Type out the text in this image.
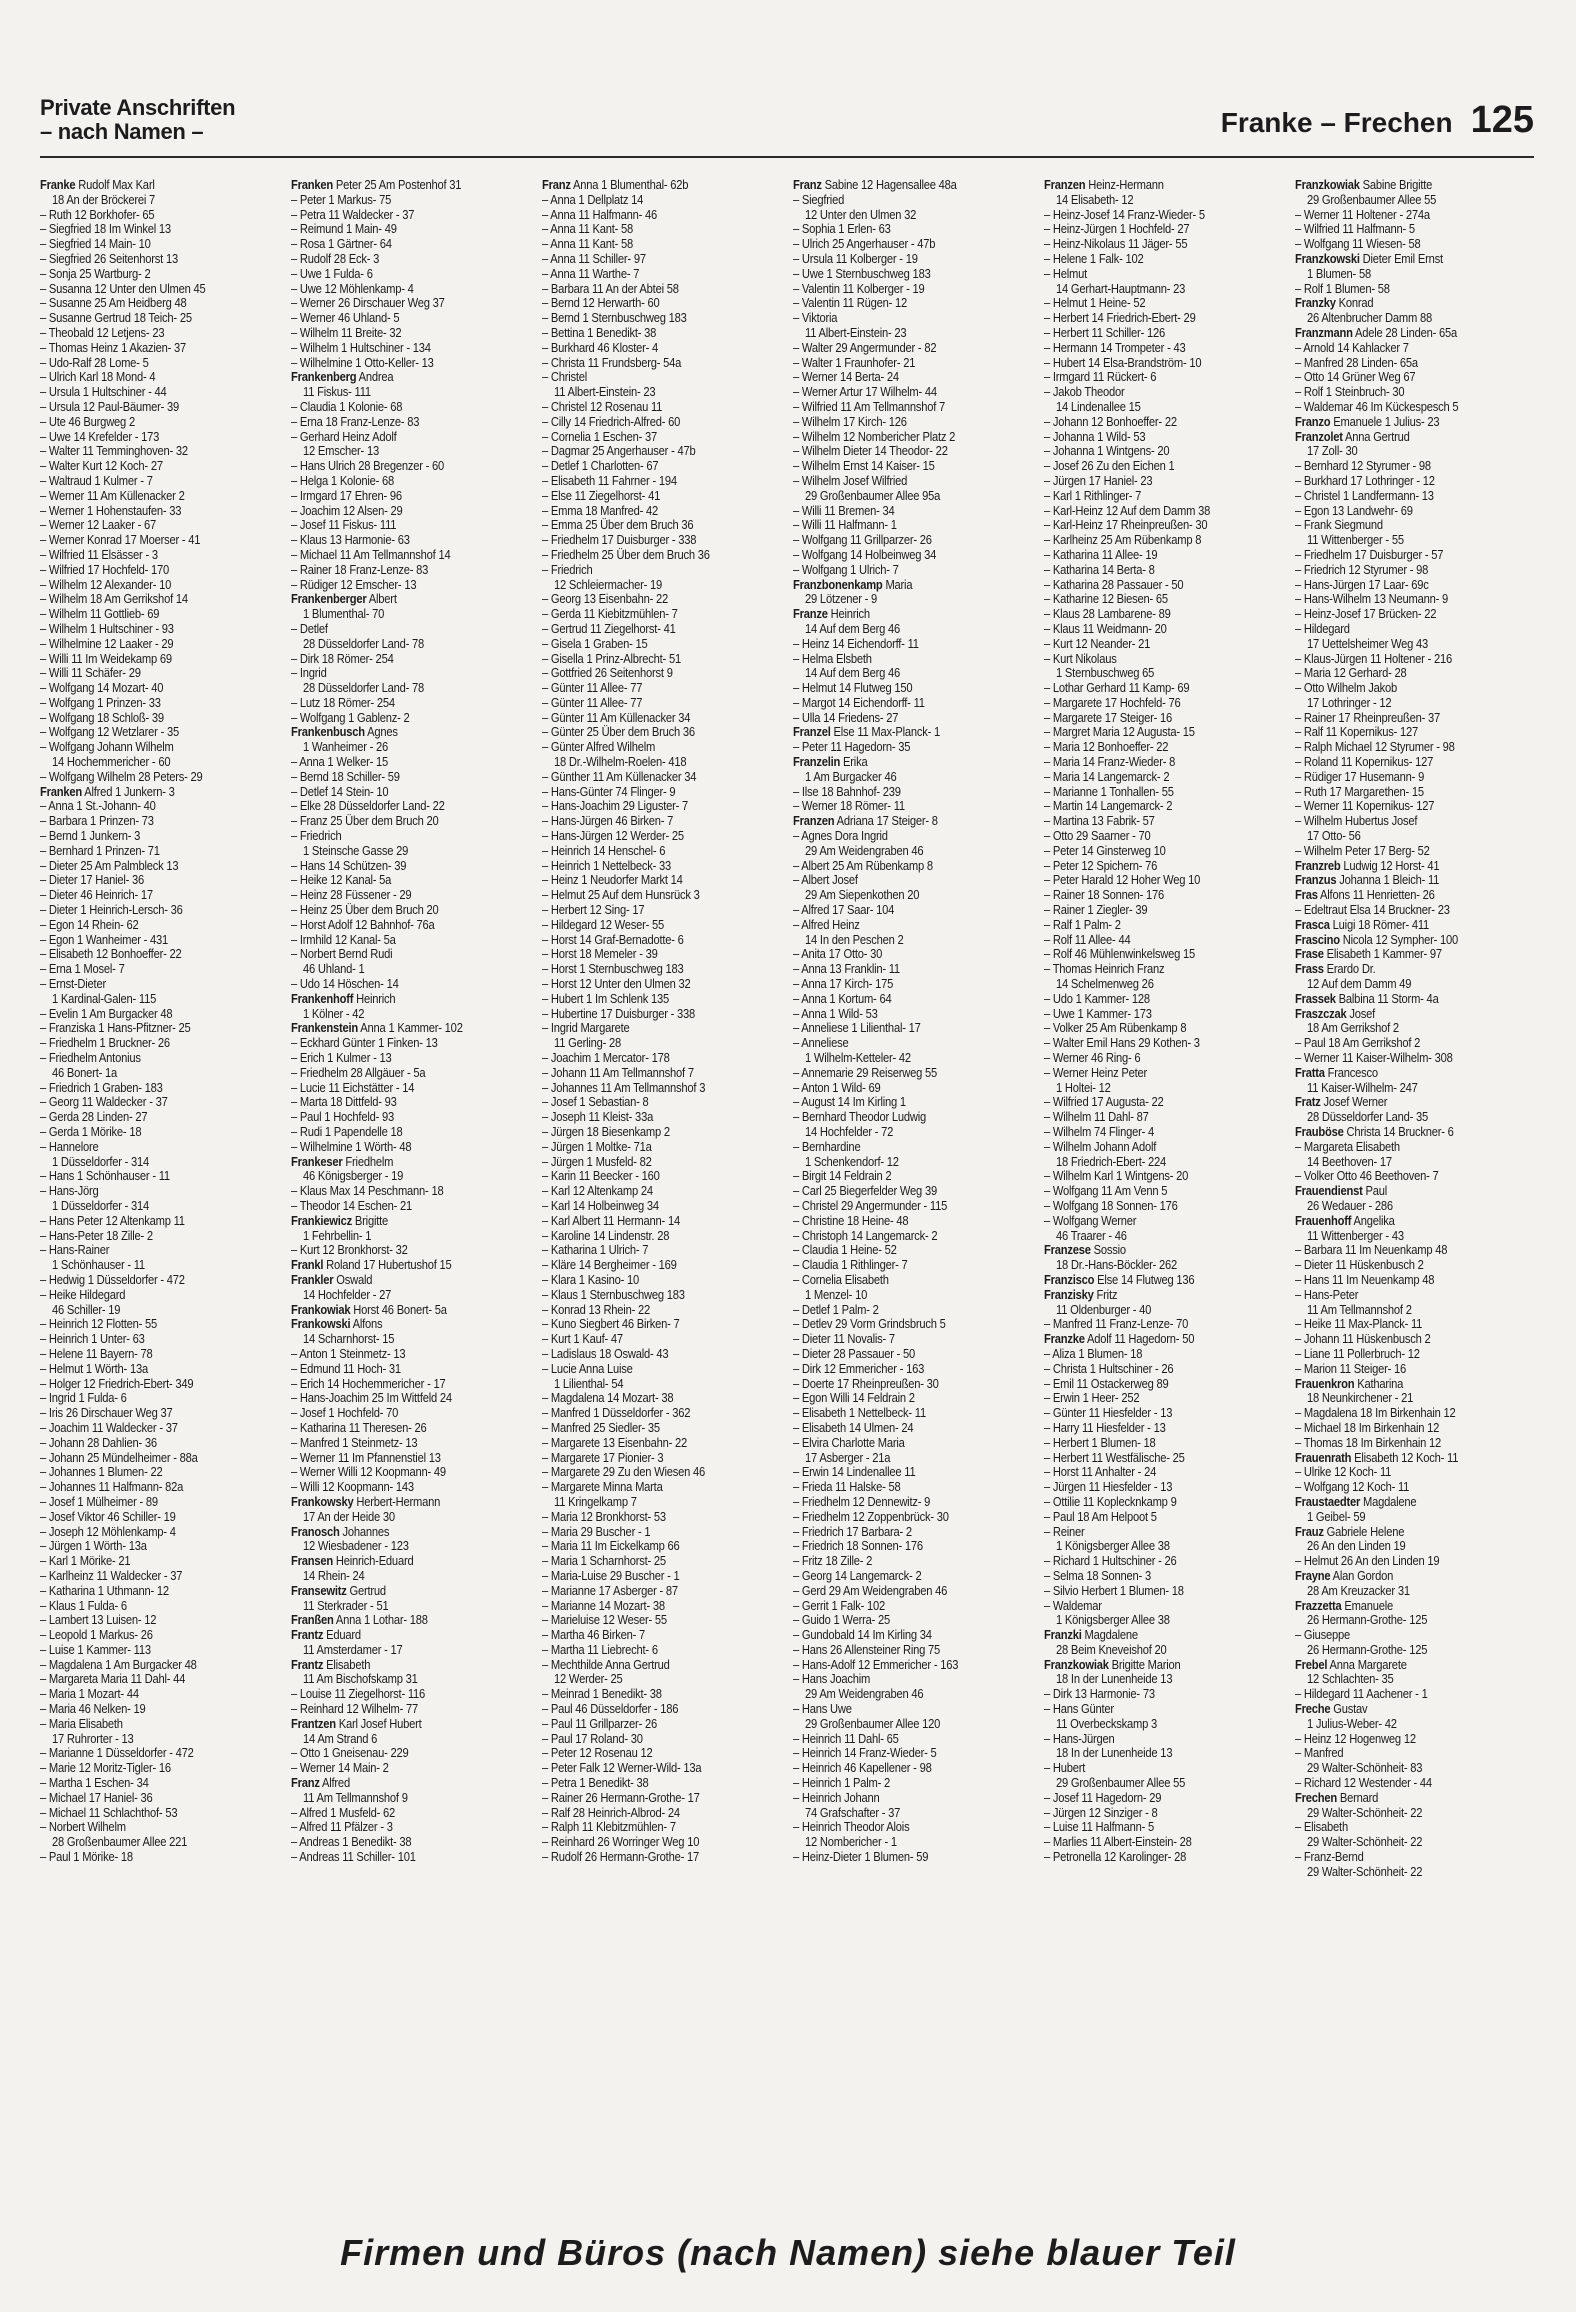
Private Anschriften
– nach Namen –	Franke – Frechen 125
Franke Rudolf Max Karl
18 An der Bröckerei 7
– Ruth 12 Borkhofer- 65
– Siegfried 18 Im Winkel 13
– Siegfried 14 Main- 10
– Siegfried 26 Seitenhorst 13
– Sonja 25 Wartburg- 2
– Susanna 12 Unter den Ulmen 45
– Susanne 25 Am Heidberg 48
– Susanne Gertrud 18 Teich- 25
– Theobald 12 Letjens- 23
– Thomas Heinz 1 Akazien- 37
– Udo-Ralf 28 Lome- 5
– Ulrich Karl 18 Mond- 4
– Ursula 1 Hultschiner - 44
– Ursula 12 Paul-Bäumer- 39
– Ute 46 Burgweg 2
– Uwe 14 Krefelder - 173
– Walter 11 Temminghoven- 32
– Walter Kurt 12 Koch- 27
– Waltraud 1 Kulmer - 7
– Werner 11 Am Küllenacker 2
– Werner 1 Hohenstaufen- 33
– Werner 12 Laaker - 67
– Werner Konrad 17 Moerser - 41
– Wilfried 11 Elsässer - 3
– Wilfried 17 Hochfeld- 170
– Wilhelm 12 Alexander- 10
– Wilhelm 18 Am Gerrikshof 14
– Wilhelm 11 Gottlieb- 69
– Wilhelm 1 Hultschiner - 93
– Wilhelmine 12 Laaker - 29
– Willi 11 Im Weidekamp 69
– Willi 11 Schäfer- 29
– Wolfgang 14 Mozart- 40
– Wolfgang 1 Prinzen- 33
– Wolfgang 18 Schloß- 39
– Wolfgang 12 Wetzlarer - 35
– Wolfgang Johann Wilhelm
14 Hochemmericher - 60
– Wolfgang Wilhelm 28 Peters- 29
Franken Alfred 1 Junkern- 3
– Anna 1 St.-Johann- 40
– Barbara 1 Prinzen- 73
– Bernd 1 Junkern- 3
– Bernhard 1 Prinzen- 71
– Dieter 25 Am Palmbleck 13
– Dieter 17 Haniel- 36
– Dieter 46 Heinrich- 17
– Dieter 1 Heinrich-Lersch- 36
– Egon 14 Rhein- 62
– Egon 1 Wanheimer - 431
– Elisabeth 12 Bonhoeffer- 22
– Erna 1 Mosel- 7
– Ernst-Dieter
1 Kardinal-Galen- 115
– Evelin 1 Am Burgacker 48
– Franziska 1 Hans-Pfitzner- 25
– Friedhelm 1 Bruckner- 26
– Friedhelm Antonius
46 Bonert- 1a
– Friedrich 1 Graben- 183
– Georg 11 Waldecker - 37
– Gerda 28 Linden- 27
– Gerda 1 Mörike- 18
– Hannelore
1 Düsseldorfer - 314
– Hans 1 Schönhauser - 11
– Hans-Jörg
1 Düsseldorfer - 314
– Hans Peter 12 Altenkamp 11
– Hans-Peter 18 Zille- 2
– Hans-Rainer
1 Schönhauser - 11
– Hedwig 1 Düsseldorfer - 472
– Heike Hildegard
46 Schiller- 19
– Heinrich 12 Flotten- 55
– Heinrich 1 Unter- 63
– Helene 11 Bayern- 78
– Helmut 1 Wörth- 13a
– Holger 12 Friedrich-Ebert- 349
– Ingrid 1 Fulda- 6
– Iris 26 Dirschauer Weg 37
– Joachim 11 Waldecker - 37
– Johann 28 Dahlien- 36
– Johann 25 Mündelheimer - 88a
– Johannes 1 Blumen- 22
– Johannes 11 Halfmann- 82a
– Josef 1 Mülheimer - 89
– Josef Viktor 46 Schiller- 19
– Joseph 12 Möhlenkamp- 4
– Jürgen 1 Wörth- 13a
– Karl 1 Mörike- 21
– Karlheinz 11 Waldecker - 37
– Katharina 1 Uthmann- 12
– Klaus 1 Fulda- 6
– Lambert 13 Luisen- 12
– Leopold 1 Markus- 26
– Luise 1 Kammer- 113
– Magdalena 1 Am Burgacker 48
– Margareta Maria 11 Dahl- 44
– Maria 1 Mozart- 44
– Maria 46 Nelken- 19
– Maria Elisabeth
17 Ruhrorter - 13
– Marianne 1 Düsseldorfer - 472
– Marie 12 Moritz-Tigler- 16
– Martha 1 Eschen- 34
– Michael 17 Haniel- 36
– Michael 11 Schlachthof- 53
– Norbert Wilhelm
28 Großenbaumer Allee 221
– Paul 1 Mörike- 18
Franken Peter 25 Am Postenhof 31
– Peter 1 Markus- 75
– Petra 11 Waldecker - 37
– Reimund 1 Main- 49
– Rosa 1 Gärtner- 64
– Rudolf 28 Eck- 3
– Uwe 1 Fulda- 6
– Uwe 12 Möhlenkamp- 4
– Werner 26 Dirschauer Weg 37
– Werner 46 Uhland- 5
– Wilhelm 11 Breite- 32
– Wilhelm 1 Hultschiner - 134
– Wilhelmine 1 Otto-Keller- 13
Frankenberg Andrea
11 Fiskus- 111
– Claudia 1 Kolonie- 68
– Erna 18 Franz-Lenze- 83
– Gerhard Heinz Adolf
12 Emscher- 13
– Hans Ulrich 28 Bregenzer - 60
– Helga 1 Kolonie- 68
– Irmgard 17 Ehren- 96
– Joachim 12 Alsen- 29
– Josef 11 Fiskus- 111
– Klaus 13 Harmonie- 63
– Michael 11 Am Tellmannshof 14
– Rainer 18 Franz-Lenze- 83
– Rüdiger 12 Emscher- 13
Frankenberger Albert
1 Blumenthal- 70
– Detlef
28 Düsseldorfer Land- 78
– Dirk 18 Römer- 254
– Ingrid
28 Düsseldorfer Land- 78
– Lutz 18 Römer- 254
– Wolfgang 1 Gablenz- 2
Frankenbusch Agnes
1 Wanheimer - 26
– Anna 1 Welker- 15
– Bernd 18 Schiller- 59
– Detlef 14 Stein- 10
– Elke 28 Düsseldorfer Land- 22
– Franz 25 Über dem Bruch 20
– Friedrich
1 Steinsche Gasse 29
– Hans 14 Schützen- 39
– Heike 12 Kanal- 5a
– Heinz 28 Füssener - 29
– Heinz 25 Über dem Bruch 20
– Horst Adolf 12 Bahnhof- 76a
– Irmhild 12 Kanal- 5a
– Norbert Bernd Rudi
46 Uhland- 1
– Udo 14 Höschen- 14
Frankenhoff Heinrich
1 Kölner - 42
Frankenstein Anna 1 Kammer- 102
– Eckhard Günter 1 Finken- 13
– Erich 1 Kulmer - 13
– Friedhelm 28 Allgäuer - 5a
– Lucie 11 Eichstätter - 14
– Marta 18 Dittfeld- 93
– Paul 1 Hochfeld- 93
– Rudi 1 Papendelle 18
– Wilhelmine 1 Wörth- 48
Frankeser Friedhelm
46 Königsberger - 19
– Klaus Max 14 Peschmann- 18
– Theodor 14 Eschen- 21
Frankiewicz Brigitte
1 Fehrbellin- 1
– Kurt 12 Bronkhorst- 32
Frankl Roland 17 Hubertushof 15
Frankler Oswald
14 Hochfelder - 27
Frankowiak Horst 46 Bonert- 5a
Frankowski Alfons
14 Scharnhorst- 15
– Anton 1 Steinmetz- 13
– Edmund 11 Hoch- 31
– Erich 14 Hochemmericher - 17
– Hans-Joachim 25 Im Wittfeld 24
– Josef 1 Hochfeld- 70
– Katharina 11 Theresen- 26
– Manfred 1 Steinmetz- 13
– Werner 11 Im Pfannenstiel 13
– Werner Willi 12 Koopmann- 49
– Willi 12 Koopmann- 143
Frankowsky Herbert-Hermann
17 An der Heide 30
Franosch Johannes
12 Wiesbadener - 123
Fransen Heinrich-Eduard
14 Rhein- 24
Fransewitz Gertrud
11 Sterkrader - 51
Franßen Anna 1 Lothar- 188
Frantz Eduard
11 Amsterdamer - 17
Frantz Elisabeth
11 Am Bischofskamp 31
– Louise 11 Ziegelhorst- 116
– Reinhard 12 Wilhelm- 77
Frantzen Karl Josef Hubert
14 Am Strand 6
– Otto 1 Gneisenau- 229
– Werner 14 Main- 2
Franz Alfred
11 Am Tellmannshof 9
– Alfred 1 Musfeld- 62
– Alfred 11 Pfälzer - 3
– Andreas 1 Benedikt- 38
– Andreas 11 Schiller- 101
Franz Anna 1 Blumenthal- 62b
– Anna 1 Dellplatz 14
– Anna 11 Halfmann- 46
– Anna 11 Kant- 58
– Anna 11 Kant- 58
– Anna 11 Schiller- 97
– Anna 11 Warthe- 7
– Barbara 11 An der Abtei 58
– Bernd 12 Herwarth- 60
– Bernd 1 Sternbuschweg 183
– Bettina 1 Benedikt- 38
– Burkhard 46 Kloster- 4
– Christa 11 Frundsberg- 54a
– Christel
11 Albert-Einstein- 23
– Christel 12 Rosenau 11
– Cilly 14 Friedrich-Alfred- 60
– Cornelia 1 Eschen- 37
– Dagmar 25 Angerhauser - 47b
– Detlef 1 Charlotten- 67
– Elisabeth 11 Fahrner - 194
– Else 11 Ziegelhorst- 41
– Emma 18 Manfred- 42
– Emma 25 Über dem Bruch 36
– Friedhelm 17 Duisburger - 338
– Friedhelm 25 Über dem Bruch 36
– Friedrich
12 Schleiermacher- 19
– Georg 13 Eisenbahn- 22
– Gerda 11 Kiebitzmühlen- 7
– Gertrud 11 Ziegelhorst- 41
– Gisela 1 Graben- 15
– Gisella 1 Prinz-Albrecht- 51
– Gottfried 26 Seitenhorst 9
– Günter 11 Allee- 77
– Günter 11 Allee- 77
– Günter 11 Am Küllenacker 34
– Günter 25 Über dem Bruch 36
– Günter Alfred Wilhelm
18 Dr.-Wilhelm-Roelen- 418
– Günther 11 Am Küllenacker 34
– Hans-Günter 74 Flinger- 9
– Hans-Joachim 29 Liguster- 7
– Hans-Jürgen 46 Birken- 7
– Hans-Jürgen 12 Werder- 25
– Heinrich 14 Henschel- 6
– Heinrich 1 Nettelbeck- 33
– Heinz 1 Neudorfer Markt 14
– Helmut 25 Auf dem Hunsrück 3
– Herbert 12 Sing- 17
– Hildegard 12 Weser- 55
– Horst 14 Graf-Bernadotte- 6
– Horst 18 Memeler - 39
– Horst 1 Sternbuschweg 183
– Horst 12 Unter den Ulmen 32
– Hubert 1 Im Schlenk 135
– Hubertine 17 Duisburger - 338
– Ingrid Margarete
11 Gerling- 28
– Joachim 1 Mercator- 178
– Johann 11 Am Tellmannshof 7
– Johannes 11 Am Tellmannshof 3
– Josef 1 Sebastian- 8
– Joseph 11 Kleist- 33a
– Jürgen 18 Biesenkamp 2
– Jürgen 1 Moltke- 71a
– Jürgen 1 Musfeld- 82
– Karin 11 Beecker - 160
– Karl 12 Altenkamp 24
– Karl 14 Holbeinweg 34
– Karl Albert 11 Hermann- 14
– Karoline 14 Lindenstr. 28
– Katharina 1 Ulrich- 7
– Kläre 14 Bergheimer - 169
– Klara 1 Kasino- 10
– Klaus 1 Sternbuschweg 183
– Konrad 13 Rhein- 22
– Kuno Siegbert 46 Birken- 7
– Kurt 1 Kauf- 47
– Ladislaus 18 Oswald- 43
– Lucie Anna Luise
1 Lilienthal- 54
– Magdalena 14 Mozart- 38
– Manfred 1 Düsseldorfer - 362
– Manfred 25 Siedler- 35
– Margarete 13 Eisenbahn- 22
– Margarete 17 Pionier- 3
– Margarete 29 Zu den Wiesen 46
– Margarete Minna Marta
11 Kringelkamp 7
– Maria 12 Bronkhorst- 53
– Maria 29 Buscher - 1
– Maria 11 Im Eickelkamp 66
– Maria 1 Scharnhorst- 25
– Maria-Luise 29 Buscher - 1
– Marianne 17 Asberger - 87
– Marianne 14 Mozart- 38
– Marieluise 12 Weser- 55
– Martha 46 Birken- 7
– Martha 11 Liebrecht- 6
– Mechthilde Anna Gertrud
12 Werder- 25
– Meinrad 1 Benedikt- 38
– Paul 46 Düsseldorfer - 186
– Paul 11 Grillparzer- 26
– Paul 17 Roland- 30
– Peter 12 Rosenau 12
– Peter Falk 12 Werner-Wild- 13a
– Petra 1 Benedikt- 38
– Rainer 26 Hermann-Grothe- 17
– Ralf 28 Heinrich-Albrod- 24
– Ralph 11 Klebitzmühlen- 7
– Reinhard 26 Worringer Weg 10
– Rudolf 26 Hermann-Grothe- 17
Franz Sabine 12 Hagensallee 48a
– Siegfried
12 Unter den Ulmen 32
– Sophia 1 Erlen- 63
– Ulrich 25 Angerhauser - 47b
– Ursula 11 Kolberger - 19
– Uwe 1 Sternbuschweg 183
– Valentin 11 Kolberger - 19
– Valentin 11 Rügen- 12
– Viktoria
11 Albert-Einstein- 23
– Walter 29 Angermunder - 82
– Walter 1 Fraunhofer- 21
– Werner 14 Berta- 24
– Werner Artur 17 Wilhelm- 44
– Wilfried 11 Am Tellmannshof 7
– Wilhelm 17 Kirch- 126
– Wilhelm 12 Nombericher Platz 2
– Wilhelm Dieter 14 Theodor- 22
– Wilhelm Ernst 14 Kaiser- 15
– Wilhelm Josef Wilfried
29 Großenbaumer Allee 95a
– Willi 11 Bremen- 34
– Willi 11 Halfmann- 1
– Wolfgang 11 Grillparzer- 26
– Wolfgang 14 Holbeinweg 34
– Wolfgang 1 Ulrich- 7
Franzbonenkamp Maria
29 Lötzener - 9
Franze Heinrich
14 Auf dem Berg 46
– Heinz 14 Eichendorff- 11
– Helma Elsbeth
14 Auf dem Berg 46
– Helmut 14 Flutweg 150
– Margot 14 Eichendorff- 11
– Ulla 14 Friedens- 27
Franzel Else 11 Max-Planck- 1
– Peter 11 Hagedorn- 35
Franzelin Erika
1 Am Burgacker 46
– Ilse 18 Bahnhof- 239
– Werner 18 Römer- 11
Franzen Adriana 17 Steiger- 8
– Agnes Dora Ingrid
29 Am Weidengraben 46
– Albert 25 Am Rübenkamp 8
– Albert Josef
29 Am Siepenkothen 20
– Alfred 17 Saar- 104
– Alfred Heinz
14 In den Peschen 2
– Anita 17 Otto- 30
– Anna 13 Franklin- 11
– Anna 17 Kirch- 175
– Anna 1 Kortum- 64
– Anna 1 Wild- 53
– Anneliese 1 Lilienthal- 17
– Anneliese
1 Wilhelm-Ketteler- 42
– Annemarie 29 Reiserweg 55
– Anton 1 Wild- 69
– August 14 Im Kirling 1
– Bernhard Theodor Ludwig
14 Hochfelder - 72
– Bernhardine
1 Schenkendorf- 12
– Birgit 14 Feldrain 2
– Carl 25 Biegerfelder Weg 39
– Christel 29 Angermunder - 115
– Christine 18 Heine- 48
– Christoph 14 Langemarck- 2
– Claudia 1 Heine- 52
– Claudia 1 Rithlinger- 7
– Cornelia Elisabeth
1 Menzel- 10
– Detlef 1 Palm- 2
– Detlev 29 Vorm Grindsbruch 5
– Dieter 11 Novalis- 7
– Dieter 28 Passauer - 50
– Dirk 12 Emmericher - 163
– Doerte 17 Rheinpreußen- 30
– Egon Willi 14 Feldrain 2
– Elisabeth 1 Nettelbeck- 11
– Elisabeth 14 Ulmen- 24
– Elvira Charlotte Maria
17 Asberger - 21a
– Erwin 14 Lindenallee 11
– Frieda 11 Halske- 58
– Friedhelm 12 Dennewitz- 9
– Friedhelm 12 Zoppenbrück- 30
– Friedrich 17 Barbara- 2
– Friedrich 18 Sonnen- 176
– Fritz 18 Zille- 2
– Georg 14 Langemarck- 2
– Gerd 29 Am Weidengraben 46
– Gerrit 1 Falk- 102
– Guido 1 Werra- 25
– Gundobald 14 Im Kirling 34
– Hans 26 Allensteiner Ring 75
– Hans-Adolf 12 Emmericher - 163
– Hans Joachim
29 Am Weidengraben 46
– Hans Uwe
29 Großenbaumer Allee 120
– Heinrich 11 Dahl- 65
– Heinrich 14 Franz-Wieder- 5
– Heinrich 46 Kapellener - 98
– Heinrich 1 Palm- 2
– Heinrich Johann
74 Grafschafter - 37
– Heinrich Theodor Alois
12 Nombericher - 1
– Heinz-Dieter 1 Blumen- 59
Franzen Heinz-Hermann
14 Elisabeth- 12
– Heinz-Josef 14 Franz-Wieder- 5
– Heinz-Jürgen 1 Hochfeld- 27
– Heinz-Nikolaus 11 Jäger- 55
– Helene 1 Falk- 102
– Helmut
14 Gerhart-Hauptmann- 23
– Helmut 1 Heine- 52
– Herbert 14 Friedrich-Ebert- 29
– Herbert 11 Schiller- 126
– Hermann 14 Trompeter - 43
– Hubert 14 Elsa-Brandström- 10
– Irmgard 11 Rückert- 6
– Jakob Theodor
14 Lindenallee 15
– Johann 12 Bonhoeffer- 22
– Johanna 1 Wild- 53
– Johanna 1 Wintgens- 20
– Josef 26 Zu den Eichen 1
– Jürgen 17 Haniel- 23
– Karl 1 Rithlinger- 7
– Karl-Heinz 12 Auf dem Damm 38
– Karl-Heinz 17 Rheinpreußen- 30
– Karlheinz 25 Am Rübenkamp 8
– Katharina 11 Allee- 19
– Katharina 14 Berta- 8
– Katharina 28 Passauer - 50
– Katharine 12 Biesen- 65
– Klaus 28 Lambarene- 89
– Klaus 11 Weidmann- 20
– Kurt 12 Neander- 21
– Kurt Nikolaus
1 Sternbuschweg 65
– Lothar Gerhard 11 Kamp- 69
– Margarete 17 Hochfeld- 76
– Margarete 17 Steiger- 16
– Margret Maria 12 Augusta- 15
– Maria 12 Bonhoeffer- 22
– Maria 14 Franz-Wieder- 8
– Maria 14 Langemarck- 2
– Marianne 1 Tonhallen- 55
– Martin 14 Langemarck- 2
– Martina 13 Fabrik- 57
– Otto 29 Saarner - 70
– Peter 14 Ginsterweg 10
– Peter 12 Spichern- 76
– Peter Harald 12 Hoher Weg 10
– Rainer 18 Sonnen- 176
– Rainer 1 Ziegler- 39
– Ralf 1 Palm- 2
– Rolf 11 Allee- 44
– Rolf 46 Mühlenwinkelsweg 15
– Thomas Heinrich Franz
14 Schelmenweg 26
– Udo 1 Kammer- 128
– Uwe 1 Kammer- 173
– Volker 25 Am Rübenkamp 8
– Walter Emil Hans 29 Kothen- 3
– Werner 46 Ring- 6
– Werner Heinz Peter
1 Holtei- 12
– Wilfried 17 Augusta- 22
– Wilhelm 11 Dahl- 87
– Wilhelm 74 Flinger- 4
– Wilhelm Johann Adolf
18 Friedrich-Ebert- 224
– Wilhelm Karl 1 Wintgens- 20
– Wolfgang 11 Am Venn 5
– Wolfgang 18 Sonnen- 176
– Wolfgang Werner
46 Traarer - 46
Franzese Sossio
18 Dr.-Hans-Böckler- 262
Franzisco Else 14 Flutweg 136
Franzisky Fritz
11 Oldenburger - 40
– Manfred 11 Franz-Lenze- 70
Franzke Adolf 11 Hagedorn- 50
– Aliza 1 Blumen- 18
– Christa 1 Hultschiner - 26
– Emil 11 Ostackerweg 89
– Erwin 1 Heer- 252
– Günter 11 Hiesfelder - 13
– Harry 11 Hiesfelder - 13
– Herbert 1 Blumen- 18
– Herbert 11 Westfälische- 25
– Horst 11 Anhalter - 24
– Jürgen 11 Hiesfelder - 13
– Ottilie 11 Koplecknkamp 9
– Paul 18 Am Helpoot 5
– Reiner
1 Königsberger Allee 38
– Richard 1 Hultschiner - 26
– Selma 18 Sonnen- 3
– Silvio Herbert 1 Blumen- 18
– Waldemar
1 Königsberger Allee 38
Franzki Magdalene
28 Beim Kneveishof 20
Franzkowiak Brigitte Marion
18 In der Lunenheide 13
– Dirk 13 Harmonie- 73
– Hans Günter
11 Overbeckskamp 3
– Hans-Jürgen
18 In der Lunenheide 13
– Hubert
29 Großenbaumer Allee 55
– Josef 11 Hagedorn- 29
– Jürgen 12 Sinziger - 8
– Luise 11 Halfmann- 5
– Marlies 11 Albert-Einstein- 28
– Petronella 12 Karolinger- 28
Franzkowiak Sabine Brigitte
29 Großenbaumer Allee 55
– Werner 11 Holtener - 274a
– Wilfried 11 Halfmann- 5
– Wolfgang 11 Wiesen- 58
Franzkowski Dieter Emil Ernst
1 Blumen- 58
– Rolf 1 Blumen- 58
Franzky Konrad
26 Altenbrucher Damm 88
Franzmann Adele 28 Linden- 65a
– Arnold 14 Kahlacker 7
– Manfred 28 Linden- 65a
– Otto 14 Grüner Weg 67
– Rolf 1 Steinbruch- 30
– Waldemar 46 Im Kückespesch 5
Franzo Emanuele 1 Julius- 23
Franzolet Anna Gertrud
17 Zoll- 30
– Bernhard 12 Styrumer - 98
– Burkhard 17 Lothringer - 12
– Christel 1 Landfermann- 13
– Egon 13 Landwehr- 69
– Frank Siegmund
11 Wittenberger - 55
– Friedhelm 17 Duisburger - 57
– Friedrich 12 Styrumer - 98
– Hans-Jürgen 17 Laar- 69c
– Hans-Wilhelm 13 Neumann- 9
– Heinz-Josef 17 Brücken- 22
– Hildegard
17 Uettelsheimer Weg 43
– Klaus-Jürgen 11 Holtener - 216
– Maria 12 Gerhard- 28
– Otto Wilhelm Jakob
17 Lothringer - 12
– Rainer 17 Rheinpreußen- 37
– Ralf 11 Kopernikus- 127
– Ralph Michael 12 Styrumer - 98
– Roland 11 Kopernikus- 127
– Rüdiger 17 Husemann- 9
– Ruth 17 Margarethen- 15
– Werner 11 Kopernikus- 127
– Wilhelm Hubertus Josef
17 Otto- 56
– Wilhelm Peter 17 Berg- 52
Franzreb Ludwig 12 Horst- 41
Franzus Johanna 1 Bleich- 11
Fras Alfons 11 Henrietten- 26
– Edeltraut Elsa 14 Bruckner- 23
Frasca Luigi 18 Römer- 411
Frascino Nicola 12 Sympher- 100
Frase Elisabeth 1 Kammer- 97
Frass Erardo Dr.
12 Auf dem Damm 49
Frassek Balbina 11 Storm- 4a
Fraszczak Josef
18 Am Gerrikshof 2
– Paul 18 Am Gerrikshof 2
– Werner 11 Kaiser-Wilhelm- 308
Fratta Francesco
11 Kaiser-Wilhelm- 247
Fratz Josef Werner
28 Düsseldorfer Land- 35
Frauböse Christa 14 Bruckner- 6
– Margareta Elisabeth
14 Beethoven- 17
– Volker Otto 46 Beethoven- 7
Frauendienst Paul
26 Wedauer - 286
Frauenhoff Angelika
11 Wittenberger - 43
– Barbara 11 Im Neuenkamp 48
– Dieter 11 Hüskenbusch 2
– Hans 11 Im Neuenkamp 48
– Hans-Peter
11 Am Tellmannshof 2
– Heike 11 Max-Planck- 11
– Johann 11 Hüskenbusch 2
– Liane 11 Pollerbruch- 12
– Marion 11 Steiger- 16
Frauenkron Katharina
18 Neunkirchener - 21
– Magdalena 18 Im Birkenhain 12
– Michael 18 Im Birkenhain 12
– Thomas 18 Im Birkenhain 12
Frauenrath Elisabeth 12 Koch- 11
– Ulrike 12 Koch- 11
– Wolfgang 12 Koch- 11
Fraustaedter Magdalene
1 Geibel- 59
Frauz Gabriele Helene
26 An den Linden 19
– Helmut 26 An den Linden 19
Frayne Alan Gordon
28 Am Kreuzacker 31
Frazzetta Emanuele
26 Hermann-Grothe- 125
– Giuseppe
26 Hermann-Grothe- 125
Frebel Anna Margarete
12 Schlachten- 35
– Hildegard 11 Aachener - 1
Freche Gustav
1 Julius-Weber- 42
– Heinz 12 Hogenweg 12
– Manfred
29 Walter-Schönheit- 83
– Richard 12 Westender - 44
Frechen Bernard
29 Walter-Schönheit- 22
– Elisabeth
29 Walter-Schönheit- 22
– Franz-Bernd
29 Walter-Schönheit- 22
Firmen und Büros (nach Namen) siehe blauer Teil
